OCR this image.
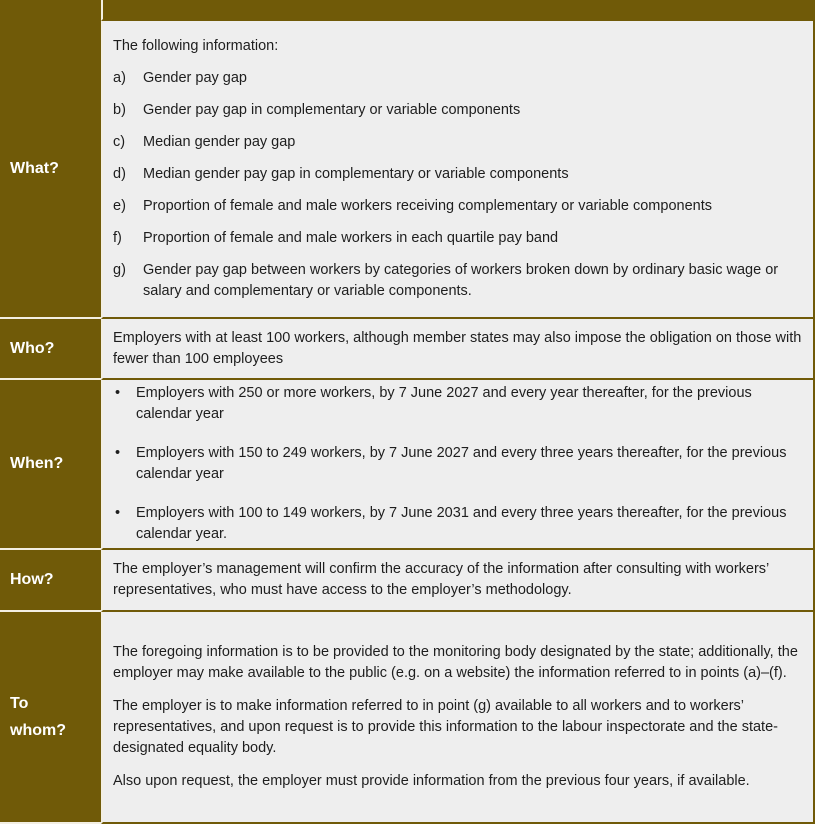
What?

The following information:

a)	Gender pay gap
b)	Gender pay gap in complementary or variable components
c)	Median gender pay gap
d)	Median gender pay gap in complementary or variable components
e)	Proportion of female and male workers receiving complementary or variable components
f)	Proportion of female and male workers in each quartile pay band
g)	Gender pay gap between workers by categories of workers broken down by ordinary basic wage or salary and complementary or variable components.
Who?

Employers with at least 100 workers, although member states may also impose the obligation on those with fewer than 100 employees

When?
•	Employers with 250 or more workers, by 7 June 2027 and every year thereafter, for the previous calendar year
•	Employers with 150 to 249 workers, by 7 June 2027 and every three years thereafter, for the previous calendar year
•	Employers with 100 to 149 workers, by 7 June 2031 and every three years thereafter, for the previous calendar year.
How?

The employer’s management will confirm the accuracy of the information after consulting with workers’ representatives, who must have access to the employer’s methodology.

To
whom?

The foregoing information is to be provided to the monitoring body designated by the state; additionally, the employer may make available to the public (e.g. on a website) the information referred to in points (a)–(f).

The employer is to make information referred to in point (g) available to all workers and to workers’ representatives, and upon request is to provide this information to the labour inspectorate and the state-designated equality body.

Also upon request, the employer must provide information from the previous four years, if available.
